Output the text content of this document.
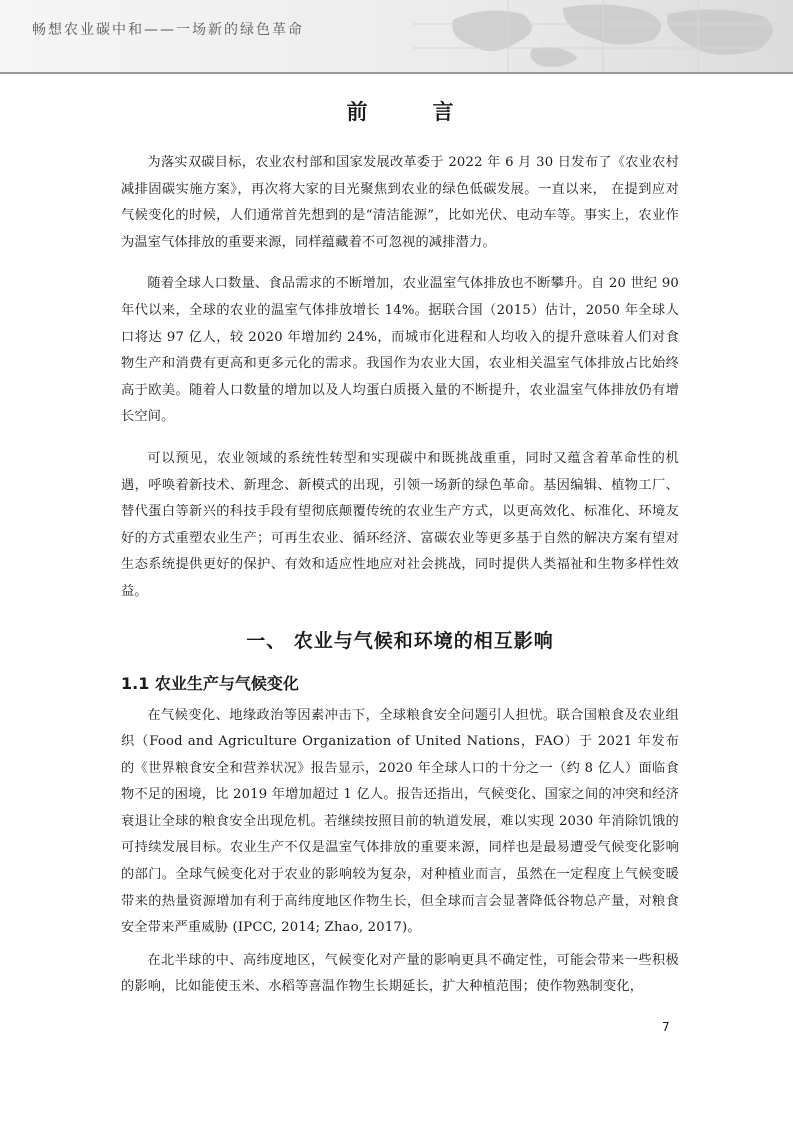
畅想农业碳中和——一场新的绿色革命
前　言

为落实双碳目标，农业农村部和国家发展改革委于 2022 年 6 月 30 日发布了《农业农村减排固碳实施方案》，再次将大家的目光聚焦到农业的绿色低碳发展。一直以来， 在提到应对气候变化的时候，人们通常首先想到的是“清洁能源”，比如光伏、电动车等。事实上，农业作为温室气体排放的重要来源，同样蕴藏着不可忽视的减排潜力。

随着全球人口数量、食品需求的不断增加，农业温室气体排放也不断攀升。自 20 世纪 90 年代以来，全球的农业的温室气体排放增长 14%。据联合国（2015）估计，2050 年全球人口将达 97 亿人，较 2020 年增加约 24%，而城市化进程和人均收入的提升意味着人们对食物生产和消费有更高和更多元化的需求。我国作为农业大国，农业相关温室气体排放占比始终高于欧美。随着人口数量的增加以及人均蛋白质摄入量的不断提升，农业温室气体排放仍有增长空间。

可以预见，农业领域的系统性转型和实现碳中和既挑战重重，同时又蕴含着革命性的机遇，呼唤着新技术、新理念、新模式的出现，引领一场新的绿色革命。基因编辑、植物工厂、替代蛋白等新兴的科技手段有望彻底颠覆传统的农业生产方式，以更高效化、标准化、环境友好的方式重塑农业生产；可再生农业、循环经济、富碳农业等更多基于自然的解决方案有望对生态系统提供更好的保护、有效和适应性地应对社会挑战，同时提供人类福祉和生物多样性效益。

一、 农业与气候和环境的相互影响
1.1 农业生产与气候变化

在气候变化、地缘政治等因素冲击下，全球粮食安全问题引人担忧。联合国粮食及农业组织（Food and Agriculture Organization of United Nations，FAO）于 2021 年发布的《世界粮食安全和营养状况》报告显示，2020 年全球人口的十分之一（约 8 亿人）面临食物不足的困境，比 2019 年增加超过 1 亿人。报告还指出，气候变化、国家之间的冲突和经济衰退让全球的粮食安全出现危机。若继续按照目前的轨道发展，难以实现 2030 年消除饥饿的可持续发展目标。农业生产不仅是温室气体排放的重要来源，同样也是最易遭受气候变化影响的部门。全球气候变化对于农业的影响较为复杂，对种植业而言，虽然在一定程度上气候变暖带来的热量资源增加有利于高纬度地区作物生长，但全球而言会显著降低谷物总产量，对粮食安全带来严重威胁 (IPCC, 2014; Zhao, 2017)。

在北半球的中、高纬度地区，气候变化对产量的影响更具不确定性，可能会带来一些积极的影响，比如能使玉米、水稻等喜温作物生长期延长，扩大种植范围；使作物熟制变化，

7
